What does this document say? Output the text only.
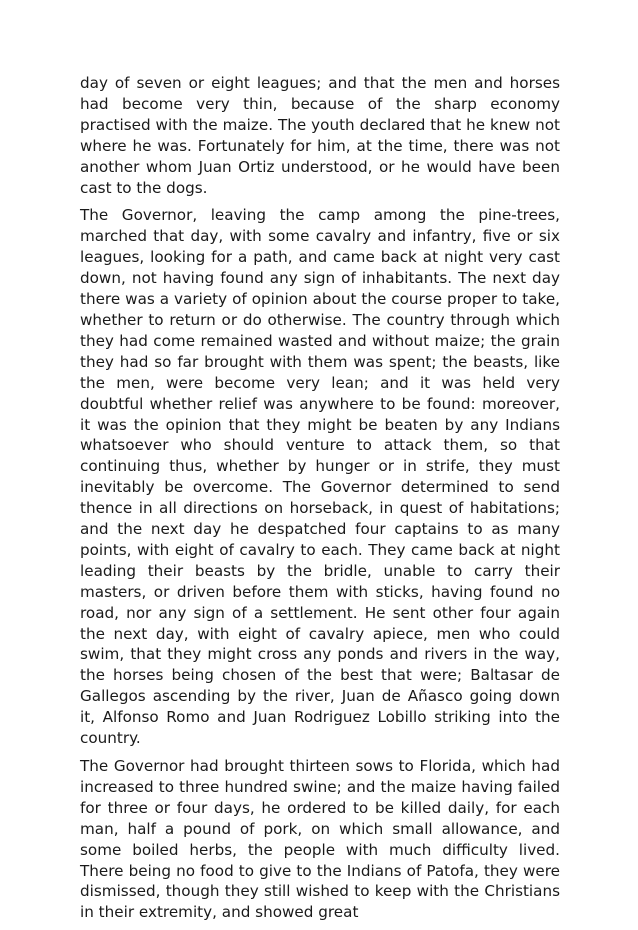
day of seven or eight leagues; and that the men and horses had become very thin, because of the sharp economy practised with the maize. The youth declared that he knew not where he was. Fortunately for him, at the time, there was not another whom Juan Ortiz understood, or he would have been cast to the dogs.

The Governor, leaving the camp among the pine-trees, marched that day, with some cavalry and infantry, five or six leagues, looking for a path, and came back at night very cast down, not having found any sign of inhabitants. The next day there was a variety of opinion about the course proper to take, whether to return or do otherwise. The country through which they had come remained wasted and without maize; the grain they had so far brought with them was spent; the beasts, like the men, were become very lean; and it was held very doubtful whether relief was anywhere to be found: moreover, it was the opinion that they might be beaten by any Indians whatsoever who should venture to attack them, so that continuing thus, whether by hunger or in strife, they must inevitably be overcome. The Governor determined to send thence in all directions on horseback, in quest of habitations; and the next day he despatched four captains to as many points, with eight of cavalry to each. They came back at night leading their beasts by the bridle, unable to carry their masters, or driven before them with sticks, having found no road, nor any sign of a settlement. He sent other four again the next day, with eight of cavalry apiece, men who could swim, that they might cross any ponds and rivers in the way, the horses being chosen of the best that were; Baltasar de Gallegos ascending by the river, Juan de Añasco going down it, Alfonso Romo and Juan Rodriguez Lobillo striking into the country.

The Governor had brought thirteen sows to Florida, which had increased to three hundred swine; and the maize having failed for three or four days, he ordered to be killed daily, for each man, half a pound of pork, on which small allowance, and some boiled herbs, the people with much difficulty lived. There being no food to give to the Indians of Patofa, they were dismissed, though they still wished to keep with the Christians in their extremity, and showed great
